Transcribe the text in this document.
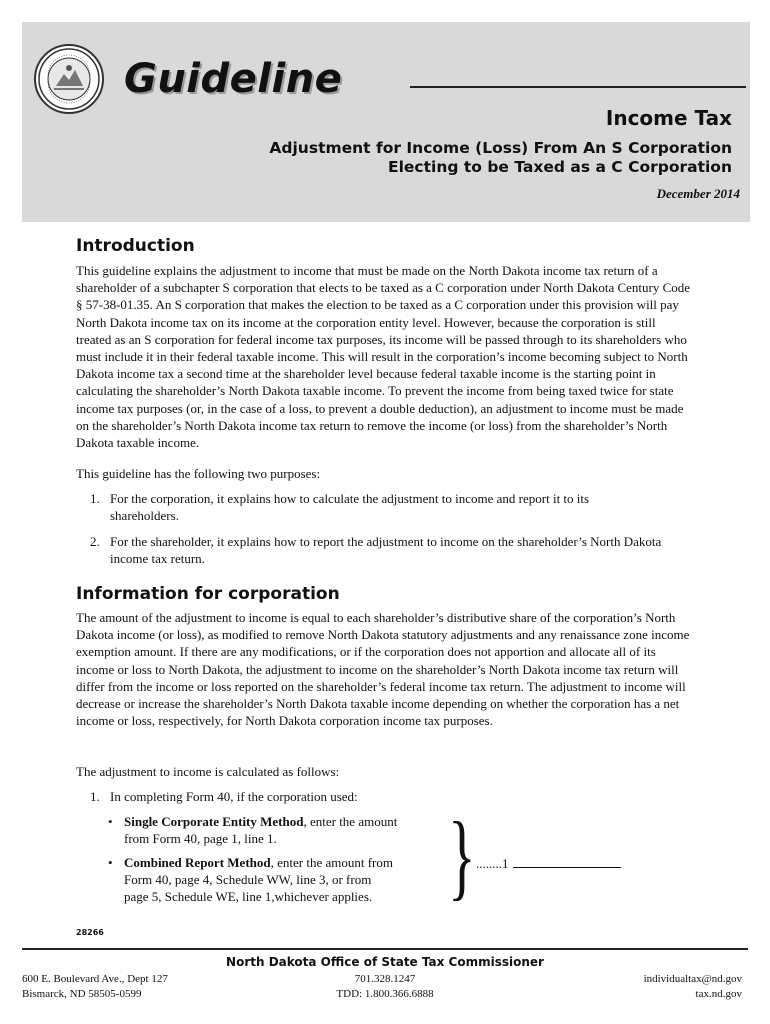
Guideline
Income Tax
Adjustment for Income (Loss) From An S Corporation
Electing to be Taxed as a C Corporation
December 2014
Introduction

This guideline explains the adjustment to income that must be made on the North Dakota income tax return of a shareholder of a subchapter S corporation that elects to be taxed as a C corporation under North Dakota Century Code § 57-38-01.35. An S corporation that makes the election to be taxed as a C corporation under this provision will pay North Dakota income tax on its income at the corporation entity level. However, because the corporation is still treated as an S corporation for federal income tax purposes, its income will be passed through to its shareholders who must include it in their federal taxable income. This will result in the corporation’s income becoming subject to North Dakota income tax a second time at the shareholder level because federal taxable income is the starting point in calculating the shareholder’s North Dakota taxable income. To prevent the income from being taxed twice for state income tax purposes (or, in the case of a loss, to prevent a double deduction), an adjustment to income must be made on the shareholder’s North Dakota income tax return to remove the income (or loss) from the shareholder’s North Dakota taxable income.

This guideline has the following two purposes:

1. For the corporation, it explains how to calculate the adjustment to income and report it to its shareholders.
2. For the shareholder, it explains how to report the adjustment to income on the shareholder’s North Dakota income tax return.
Information for corporation

The amount of the adjustment to income is equal to each shareholder’s distributive share of the corporation’s North Dakota income (or loss), as modified to remove North Dakota statutory adjustments and any renaissance zone income exemption amount. If there are any modifications, or if the corporation does not apportion and allocate all of its income or loss to North Dakota, the adjustment to income on the shareholder’s North Dakota income tax return will differ from the income or loss reported on the shareholder’s federal income tax return. The adjustment to income will decrease or increase the shareholder’s North Dakota taxable income depending on whether the corporation has a net income or loss, respectively, for North Dakota corporation income tax purposes.

The adjustment to income is calculated as follows:

1. In completing Form 40, if the corporation used:
• Single Corporate Entity Method, enter the amount
from Form 40, page 1, line 1.
• Combined Report Method, enter the amount from
Form 40, page 4, Schedule WW, line 3, or from
page 5, Schedule WE, line 1,whichever applies. } ........1
28266
North Dakota Office of State Tax Commissioner
600 E. Boulevard Ave., Dept 127
Bismarck, ND 58505-0599
701.328.1247
TDD: 1.800.366.6888
individualtax@nd.gov
tax.nd.gov
